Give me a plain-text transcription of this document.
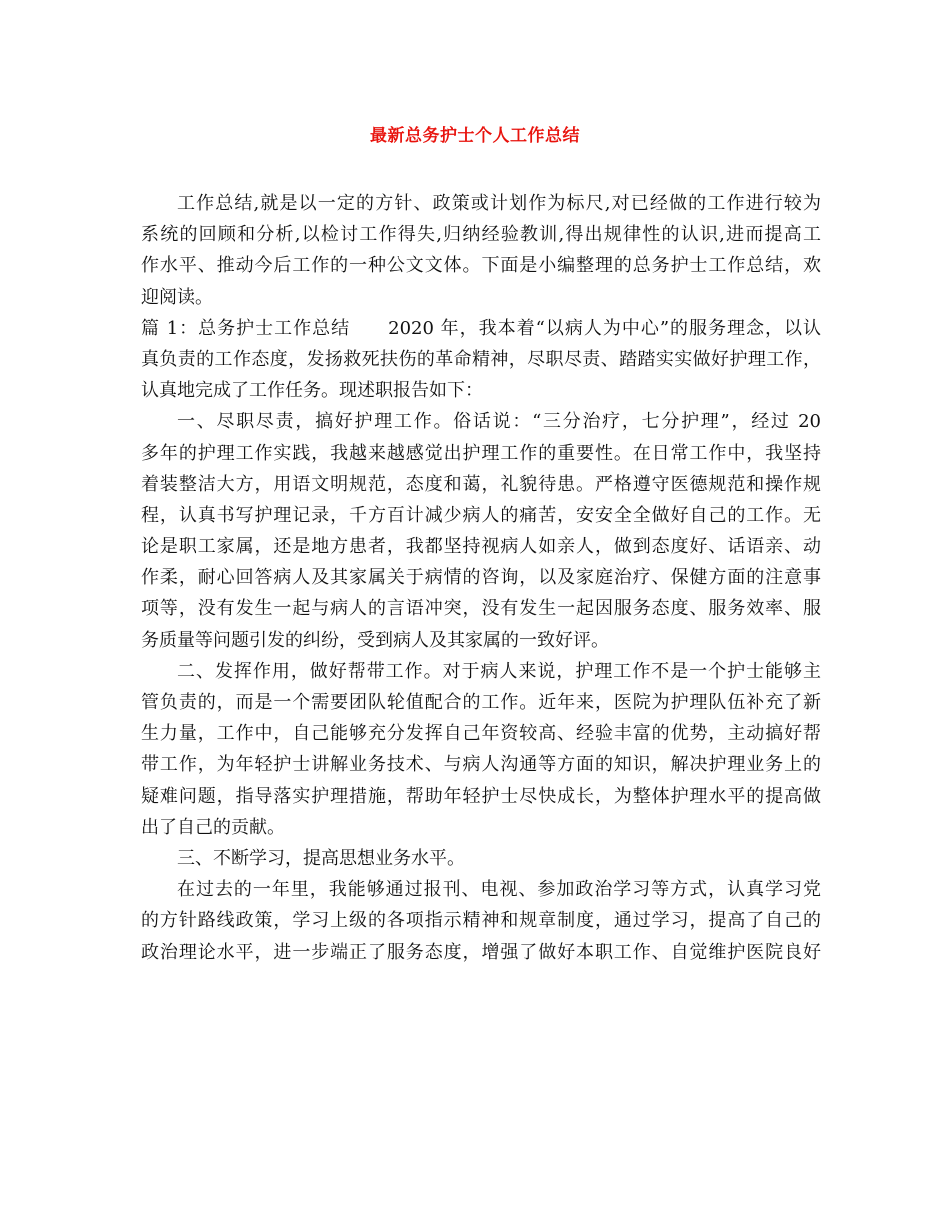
最新总务护士个人工作总结
工作总结,就是以一定的方针、政策或计划作为标尺,对已经做的工作进行较为
系统的回顾和分析,以检讨工作得失,归纳经验教训,得出规律性的认识,进而提高工
作水平、推动今后工作的一种公文文体。下面是小编整理的总务护士工作总结，欢
迎阅读。
篇 1：总务护士工作总结　　2020 年，我本着“以病人为中心”的服务理念，以认
真负责的工作态度，发扬救死扶伤的革命精神，尽职尽责、踏踏实实做好护理工作，
认真地完成了工作任务。现述职报告如下：
一、尽职尽责，搞好护理工作。俗话说：“三分治疗，七分护理”，经过 20
多年的护理工作实践，我越来越感觉出护理工作的重要性。在日常工作中，我坚持
着装整洁大方，用语文明规范，态度和蔼，礼貌待患。严格遵守医德规范和操作规
程，认真书写护理记录，千方百计减少病人的痛苦，安安全全做好自己的工作。无
论是职工家属，还是地方患者，我都坚持视病人如亲人，做到态度好、话语亲、动
作柔，耐心回答病人及其家属关于病情的咨询，以及家庭治疗、保健方面的注意事
项等，没有发生一起与病人的言语冲突，没有发生一起因服务态度、服务效率、服
务质量等问题引发的纠纷，受到病人及其家属的一致好评。
二、发挥作用，做好帮带工作。对于病人来说，护理工作不是一个护士能够主
管负责的，而是一个需要团队轮值配合的工作。近年来，医院为护理队伍补充了新
生力量，工作中，自己能够充分发挥自己年资较高、经验丰富的优势，主动搞好帮
带工作，为年轻护士讲解业务技术、与病人沟通等方面的知识，解决护理业务上的
疑难问题，指导落实护理措施，帮助年轻护士尽快成长，为整体护理水平的提高做
出了自己的贡献。
三、不断学习，提高思想业务水平。
在过去的一年里，我能够通过报刊、电视、参加政治学习等方式，认真学习党
的方针路线政策，学习上级的各项指示精神和规章制度，通过学习，提高了自己的
政治理论水平，进一步端正了服务态度，增强了做好本职工作、自觉维护医院良好
